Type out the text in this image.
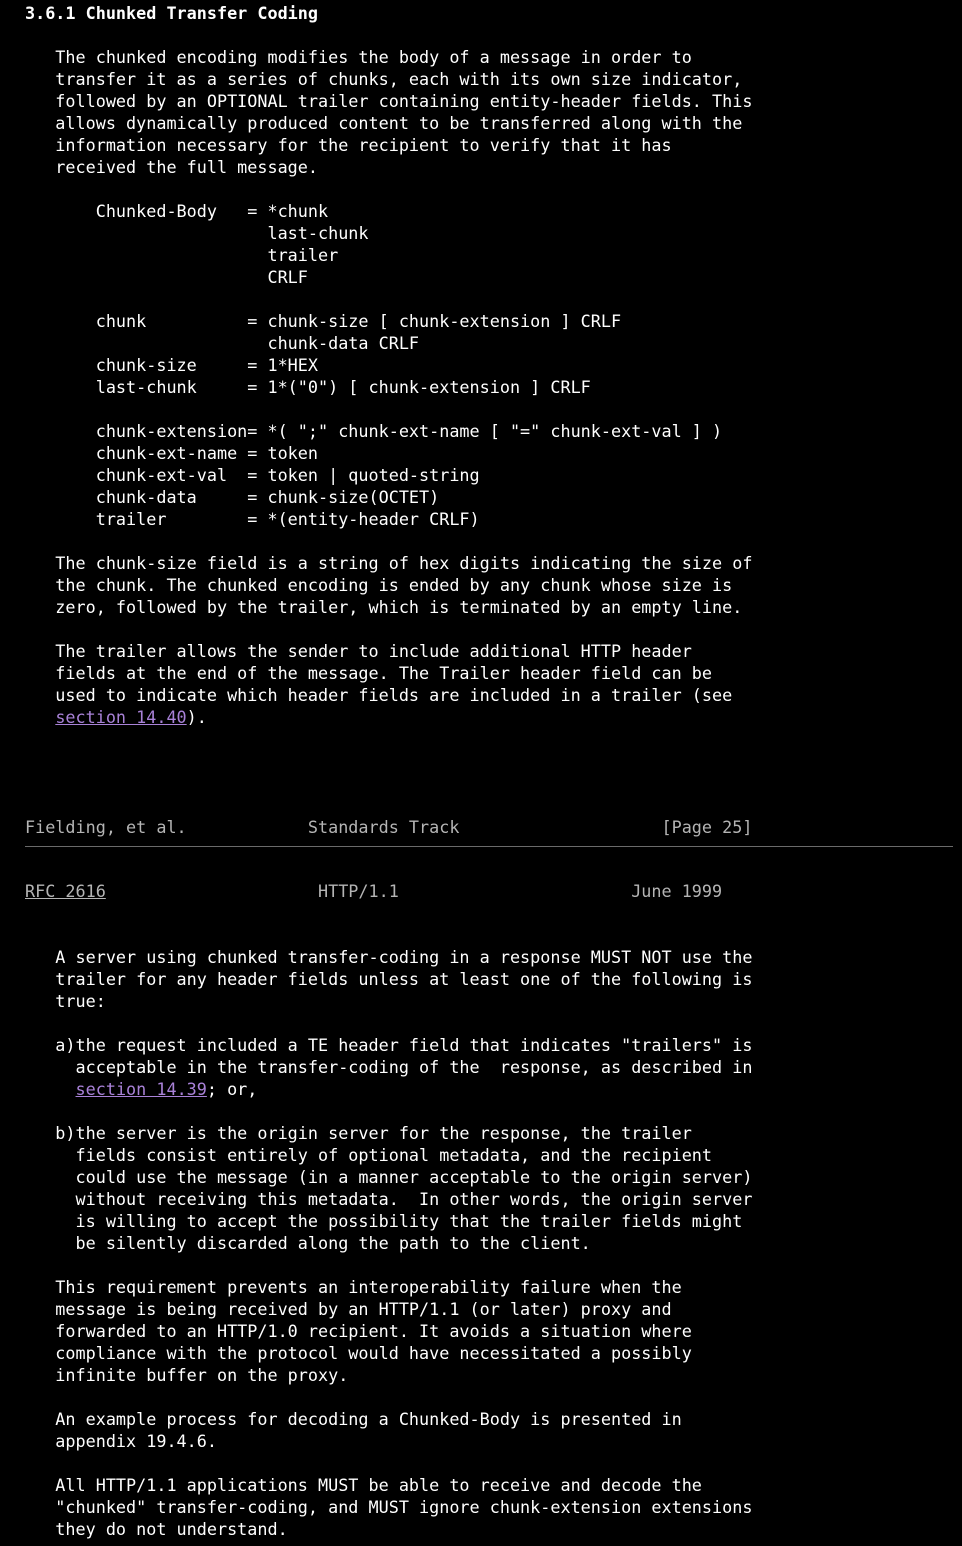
3.6.1 Chunked Transfer Coding
The chunked encoding modifies the body of a message in order to
transfer it as a series of chunks, each with its own size indicator,
followed by an OPTIONAL trailer containing entity-header fields. This
allows dynamically produced content to be transferred along with the
information necessary for the recipient to verify that it has
received the full message.
Chunked-Body   = *chunk
last-chunk
trailer
CRLF
chunk          = chunk-size [ chunk-extension ] CRLF
chunk-data CRLF
chunk-size     = 1*HEX
last-chunk     = 1*("0") [ chunk-extension ] CRLF
chunk-extension= *( ";" chunk-ext-name [ "=" chunk-ext-val ] )
chunk-ext-name = token
chunk-ext-val  = token | quoted-string
chunk-data     = chunk-size(OCTET)
trailer        = *(entity-header CRLF)
The chunk-size field is a string of hex digits indicating the size of
the chunk. The chunked encoding is ended by any chunk whose size is
zero, followed by the trailer, which is terminated by an empty line.
The trailer allows the sender to include additional HTTP header
fields at the end of the message. The Trailer header field can be
used to indicate which header fields are included in a trailer (see
section 14.40).
Fielding, et al.            Standards Track                    [Page 25]
RFC 2616                     HTTP/1.1                       June 1999
A server using chunked transfer-coding in a response MUST NOT use the
trailer for any header fields unless at least one of the following is
true:
a)the request included a TE header field that indicates "trailers" is
acceptable in the transfer-coding of the  response, as described in
section 14.39; or,
b)the server is the origin server for the response, the trailer
fields consist entirely of optional metadata, and the recipient
could use the message (in a manner acceptable to the origin server)
without receiving this metadata.  In other words, the origin server
is willing to accept the possibility that the trailer fields might
be silently discarded along the path to the client.
This requirement prevents an interoperability failure when the
message is being received by an HTTP/1.1 (or later) proxy and
forwarded to an HTTP/1.0 recipient. It avoids a situation where
compliance with the protocol would have necessitated a possibly
infinite buffer on the proxy.
An example process for decoding a Chunked-Body is presented in
appendix 19.4.6.
All HTTP/1.1 applications MUST be able to receive and decode the
"chunked" transfer-coding, and MUST ignore chunk-extension extensions
they do not understand.
